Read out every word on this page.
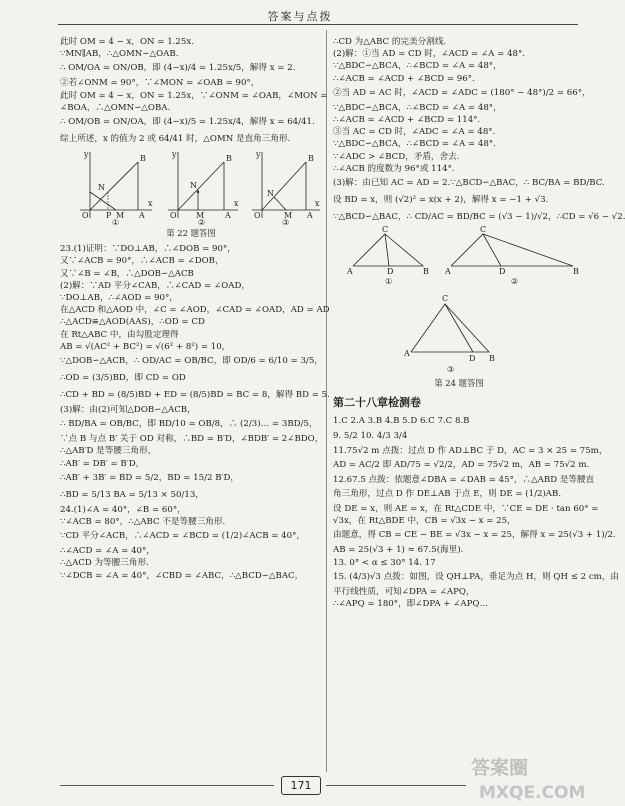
答案与点拨
此时 OM = 4 − x，ON = 1.25x.
∵MN∥AB，∴△OMN∽△OAB.
∴ OM/OA = ON/OB，即 (4−x)/4 = 1.25x/5，解得 x = 2.
②若∠ONM = 90°，∵∠MON = ∠OAB = 90°，
此时 OM = 4 − x，ON = 1.25x，∵∠ONM = ∠OAB，∠MON =
∠BOA，∴△OMN∽△OBA.
∴ OM/OB = ON/OA，即 (4−x)/5 = 1.25x/4，解得 x = 64/41.
综上所述，x 的值为 2 或 64/41 时，△OMN 是直角三角形.
y
x
O
B
A
N
P M
①
y
x
O
B
A
N
M
②
y
x
O
B
A
N
M
③
第 22 题答图
23.(1)证明：∵DO⊥AB，∴∠DOB = 90°，
又∵∠ACB = 90°，∴∠ACB = ∠DOB，
又∵∠B = ∠B，∴△DOB∽△ACB
(2)解：∵AD 平分∠CAB，∴∠CAD = ∠OAD，
∵DO⊥AB，∴∠AOD = 90°，
在△ACD 和△AOD 中，∠C = ∠AOD，∠CAD = ∠OAD，AD = AD
∴△ACD≌△AOD(AAS)，∴OD = CD
在 Rt△ABC 中，由勾股定理得
AB = √(AC² + BC²) = √(6² + 8²) = 10，
∵△DOB∽△ACB，∴ OD/AC = OB/BC，即 OD/6 = 6/10 = 3/5，
∴OD = (3/5)BD，即 CD = OD
∴CD + BD = (8/5)BD + ED = (8/5)BD = BC = 8，解得 BD = 5.
(3)解：由(2)可知△DOB∽△ACB，
∴ BD/BA = OB/BC，即 BD/10 = OB/8，∴ (2/3)… = 3BD/5，
∵点 B 与点 B′ 关于 OD 对称，∴BD = B′D，∠BDB′ = 2∠BDO，
∴△AB′D 是等腰三角形，
∴AB′ = DB′ = B′D，
∴AB′ + 3B′ = BD = 5/2，BD = 15/2 B′D，
∴BD = 5/13 BA = 5/13 × 50/13，
24.(1)∠A = 40°，∠B = 60°，
∵∠ACB = 80°，∴△ABC 不是等腰三角形.
∵CD 平分∠ACB，∴∠ACD = ∠BCD = (1/2)∠ACB = 40°，
∴∠ACD = ∠A = 40°，
∴△ACD 为等腰三角形.
∵∠DCB = ∠A = 40°，∠CBD = ∠ABC，∴△BCD∽△BAC，
∴CD 为△ABC 的完美分割线.
(2)解：①当 AD = CD 时，∠ACD = ∠A = 48°.
∵△BDC∽△BCA，∴∠BCD = ∠A = 48°，
∴∠ACB = ∠ACD + ∠BCD = 96°.
②当 AD = AC 时，∠ACD = ∠ADC = (180° − 48°)/2 = 66°，
∵△BDC∽△BCA，∴∠BCD = ∠A = 48°，
∴∠ACB = ∠ACD + ∠BCD = 114°.
③当 AC = CD 时，∠ADC = ∠A = 48°.
∵△BDC∽△BCA，∴∠BCD = ∠A = 48°.
∵∠ADC > ∠BCD，矛盾，舍去.
∴∠ACB 的度数为 96°或 114°.
(3)解：由已知 AC = AD = 2.∵△BCD∽△BAC，∴ BC/BA = BD/BC.
设 BD = x，则 (√2)² = x(x + 2)，解得 x = −1 + √3.
∵△BCD∽△BAC，∴ CD/AC = BD/BC = (√3 − 1)/√2，∴CD = √6 − √2.
A
C
D	B
①
A
C
D	B
②
A
C
D B
③
第 24 题答图
第二十八章检测卷
1.C 2.A 3.B 4.B 5.D 6.C 7.C 8.B
9. 5/2 10. 4/3 3/4
11.75√2 m 点拨：过点 D 作 AD⊥BC 于 D，AC = 3 × 25 = 75m，
AD = AC/2 即 AD/75 = √2/2，AD = 75√2 m，AB = 75√2 m.
12.67.5 点拨：依题意∠DBA = ∠DAB = 45°，∴△ABD 是等腰直
角三角形，过点 D 作 DE⊥AB 于点 E，则 DE = (1/2)AB.
设 DE = x，则 AE = x，在 Rt△CDE 中，∵CE = DE · tan 60° =
√3x，在 Rt△BDE 中，CB = √3x − x = 25，
由题意，得 CB = CE − BE = √3x − x = 25，解得 x = 25(√3 + 1)/2.
AB = 25(√3 + 1) ≈ 67.5(海里).
13. 0° < α ≤ 30° 14. 17
15. (4/3)√3 点拨：如图，设 QH⊥PA，垂足为点 H，则 QH ≤ 2 cm，由
平行线性质，可知∠DPA = ∠APQ，
∴∠APQ = 180°，即∠DPA + ∠APQ…
171
答案圈
MXQE.COM
